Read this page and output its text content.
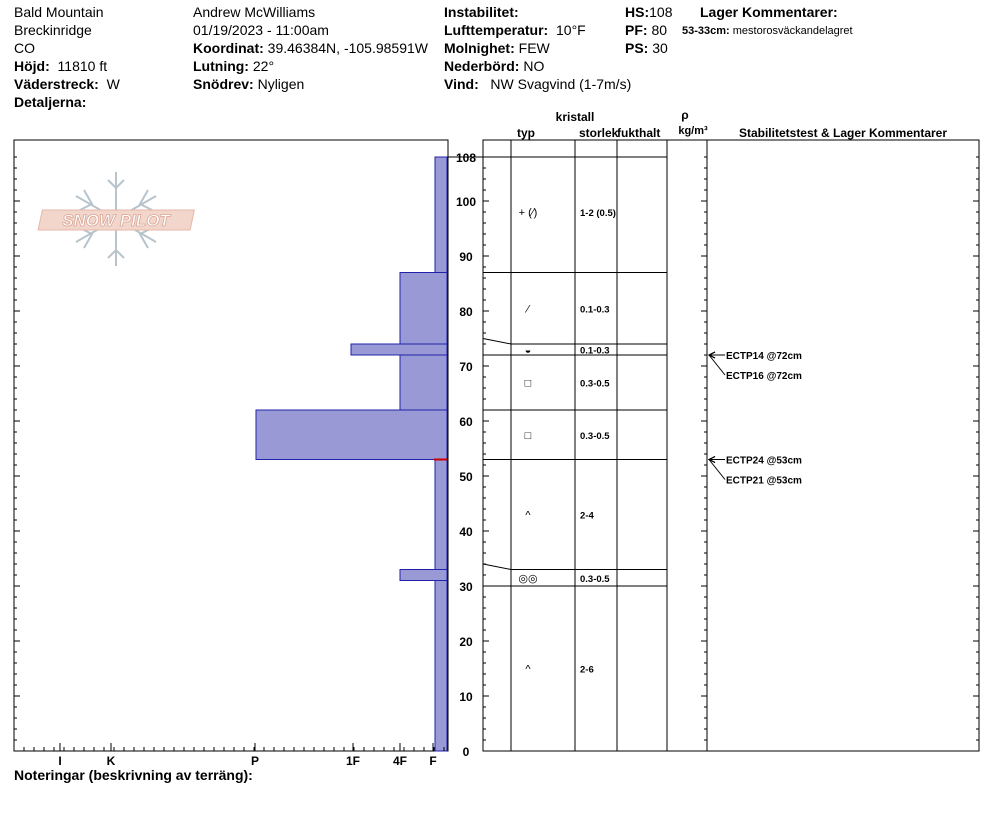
Bald Mountain
Breckinridge
CO
Höjd: 11810 ft
Väderstreck: W
Detaljerna:
Andrew McWilliams
01/19/2023 - 11:00am
Koordinat: 39.46384N, -105.98591W
Lutning: 22°
Snödrev: Nyligen
Instabilitet:
Lufttemperatur: 10°F
Molnighet: FEW
Nederbörd: NO
Vind: NW Svagvind (1-7m/s)
HS:108
PF: 80
PS: 30
Lager Kommentarer:
53-33cm: mestorosväckandelagret
Noteringar (beskrivning av terräng):
SNOW PILOT
typ
kristall
storlek
fukthalt
ρ
kg/m³	Stabilitetstest & Lager Kommentarer
0
10
20
30
40
50
60
70
80
90
100
108
I	K	P	1F	4F F
+ (⁄)	1-2 (0.5)
⁄	0.1-0.3
◒	0.1-0.3
□	0.3-0.5
□	0.3-0.5
^	2-4
◎◎	0.3-0.5
^	2-6
ECTP14 @72cm
ECTP16 @72cm
ECTP24 @53cm
ECTP21 @53cm
